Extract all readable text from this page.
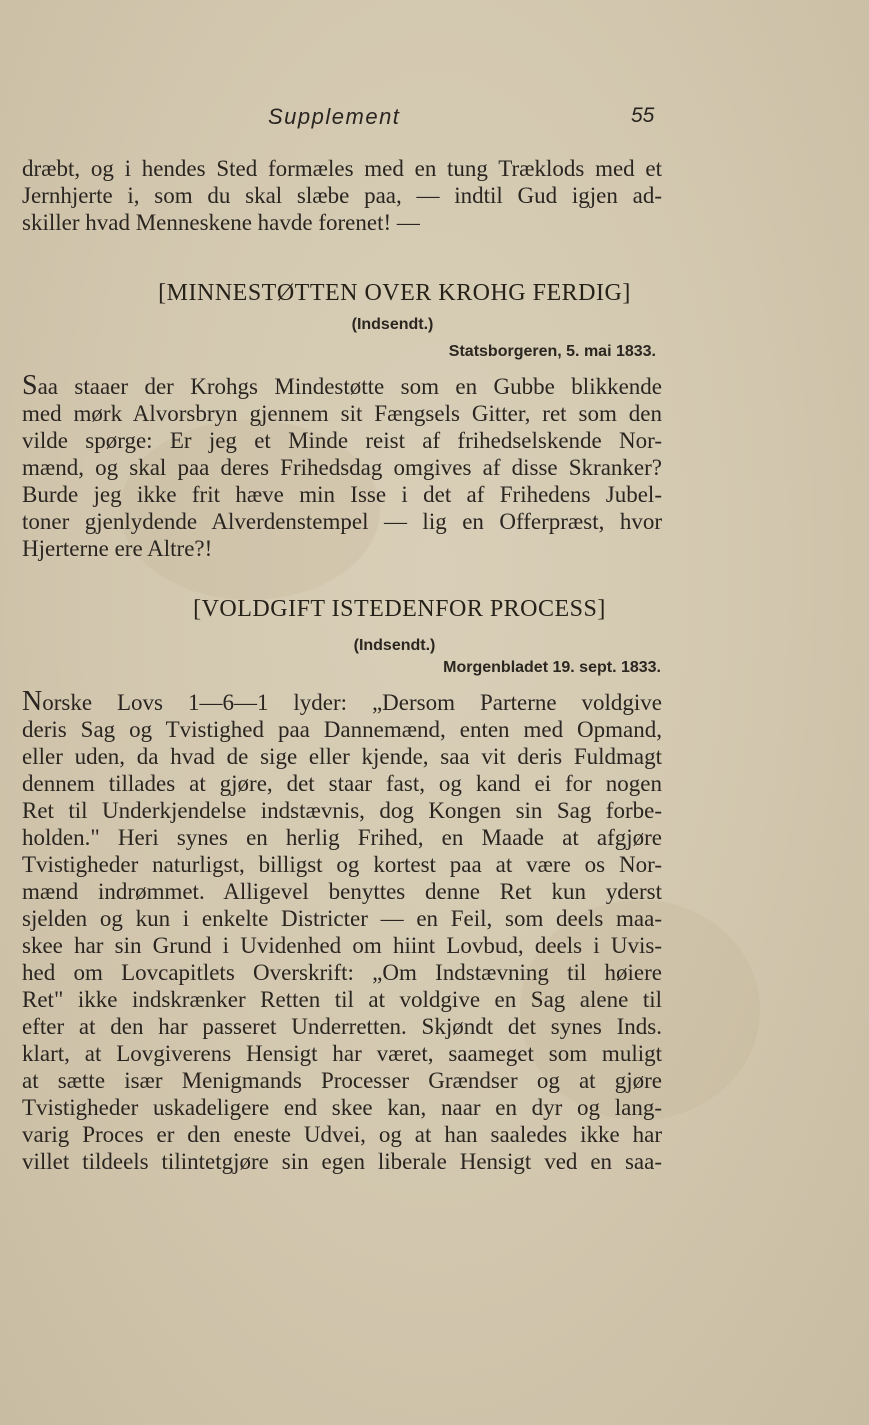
Supplement	55
dræbt, og i hendes Sted formæles med en tung Træklods med et
Jernhjerte i, som du skal slæbe paa, — indtil Gud igjen ad-
skiller hvad Menneskene havde forenet! —
[MINNESTØTTEN OVER KROHG FERDIG]
(Indsendt.)
Statsborgeren, 5. mai 1833.
Saa staaer der Krohgs Mindestøtte som en Gubbe blikkende
med mørk Alvorsbryn gjennem sit Fængsels Gitter, ret som den
vilde spørge: Er jeg et Minde reist af frihedselskende Nor-
mænd, og skal paa deres Frihedsdag omgives af disse Skranker?
Burde jeg ikke frit hæve min Isse i det af Frihedens Jubel-
toner gjenlydende Alverdenstempel — lig en Offerpræst, hvor
Hjerterne ere Altre?!
[VOLDGIFT ISTEDENFOR PROCESS]
(Indsendt.)
Morgenbladet 19. sept. 1833.
Norske Lovs 1—6—1 lyder: „Dersom Parterne voldgive
deris Sag og Tvistighed paa Dannemænd, enten med Opmand,
eller uden, da hvad de sige eller kjende, saa vit deris Fuldmagt
dennem tillades at gjøre, det staar fast, og kand ei for nogen
Ret til Underkjendelse indstævnis, dog Kongen sin Sag forbe-
holden." Heri synes en herlig Frihed, en Maade at afgjøre
Tvistigheder naturligst, billigst og kortest paa at være os Nor-
mænd indrømmet. Alligevel benyttes denne Ret kun yderst
sjelden og kun i enkelte Districter — en Feil, som deels maa-
skee har sin Grund i Uvidenhed om hiint Lovbud, deels i Uvis-
hed om Lovcapitlets Overskrift: „Om Indstævning til høiere
Ret" ikke indskrænker Retten til at voldgive en Sag alene til
efter at den har passeret Underretten. Skjøndt det synes Inds.
klart, at Lovgiverens Hensigt har været, saameget som muligt
at sætte især Menigmands Processer Grændser og at gjøre
Tvistigheder uskadeligere end skee kan, naar en dyr og lang-
varig Proces er den eneste Udvei, og at han saaledes ikke har
villet tildeels tilintetgjøre sin egen liberale Hensigt ved en saa-
